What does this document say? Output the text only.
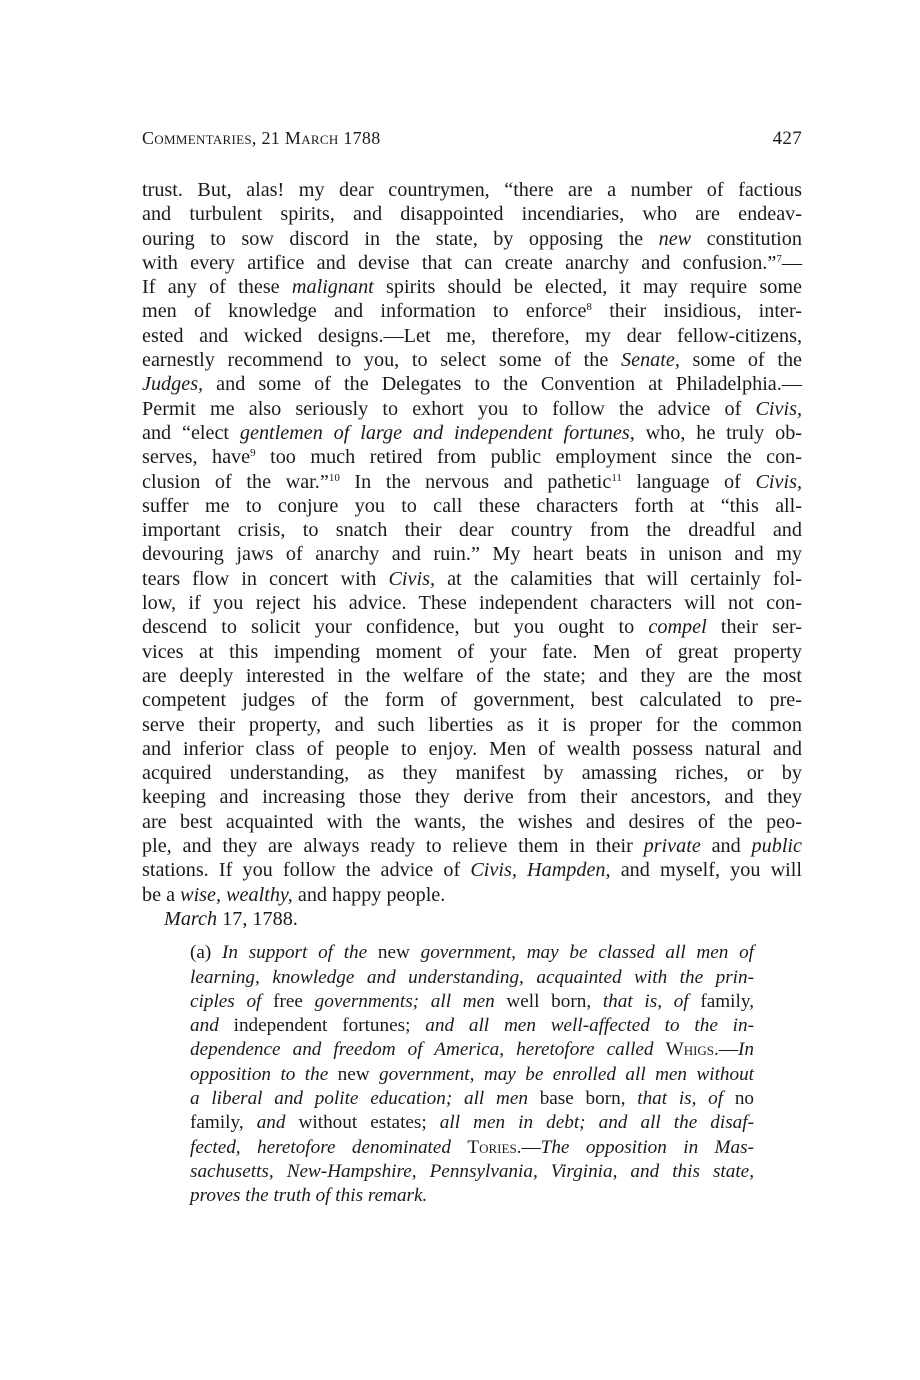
Commentaries, 21 March 1788	427
trust. But, alas! my dear countrymen, “there are a number of factious
and turbulent spirits, and disappointed incendiaries, who are endeav-
ouring to sow discord in the state, by opposing the new constitution
with every artifice and devise that can create anarchy and confusion.”$^7$—
If any of these malignant spirits should be elected, it may require some
men of knowledge and information to enforce$^8$ their insidious, inter-
ested and wicked designs.—Let me, therefore, my dear fellow-citizens,
earnestly recommend to you, to select some of the Senate, some of the
Judges, and some of the Delegates to the Convention at Philadelphia.—
Permit me also seriously to exhort you to follow the advice of Civis,
and “elect gentlemen of large and independent fortunes, who, he truly ob-
serves, have$^9$ too much retired from public employment since the con-
clusion of the war.”$^{10}$ In the nervous and pathetic$^{11}$ language of Civis,
suffer me to conjure you to call these characters forth at “this all-
important crisis, to snatch their dear country from the dreadful and
devouring jaws of anarchy and ruin.” My heart beats in unison and my
tears flow in concert with Civis, at the calamities that will certainly fol-
low, if you reject his advice. These independent characters will not con-
descend to solicit your confidence, but you ought to compel their ser-
vices at this impending moment of your fate. Men of great property
are deeply interested in the welfare of the state; and they are the most
competent judges of the form of government, best calculated to pre-
serve their property, and such liberties as it is proper for the common
and inferior class of people to enjoy. Men of wealth possess natural and
acquired understanding, as they manifest by amassing riches, or by
keeping and increasing those they derive from their ancestors, and they
are best acquainted with the wants, the wishes and desires of the peo-
ple, and they are always ready to relieve them in their private and public
stations. If you follow the advice of Civis, Hampden, and myself, you will
be a wise, wealthy, and happy people.
March 17, 1788.
(a) In support of the new government, may be classed all men of
learning, knowledge and understanding, acquainted with the prin-
ciples of free governments; all men well born, that is, of family,
and independent fortunes; and all men well-affected to the in-
dependence and freedom of America, heretofore called Whigs.—In
opposition to the new government, may be enrolled all men without
a liberal and polite education; all men base born, that is, of no
family, and without estates; all men in debt; and all the disaf-
fected, heretofore denominated Tories.—The opposition in Mas-
sachusetts, New-Hampshire, Pennsylvania, Virginia, and this state,
proves the truth of this remark.
